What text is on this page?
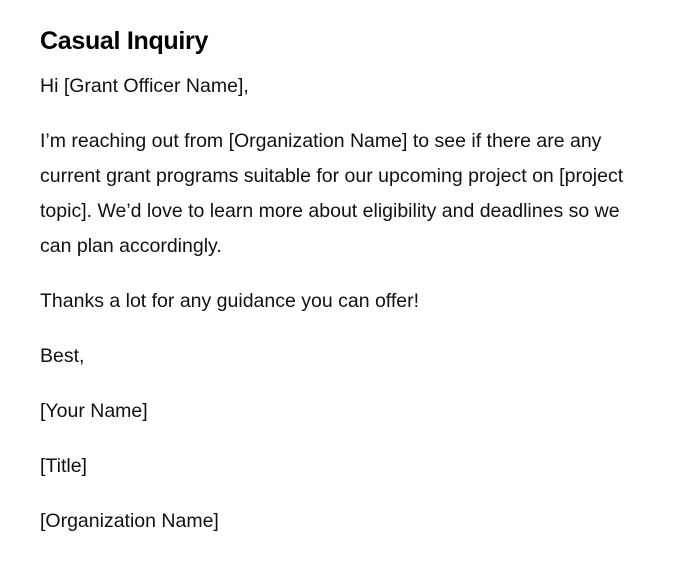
Casual Inquiry

Hi [Grant Officer Name],

I’m reaching out from [Organization Name] to see if there are any current grant programs suitable for our upcoming project on [project topic]. We’d love to learn more about eligibility and deadlines so we can plan accordingly.

Thanks a lot for any guidance you can offer!

Best,

[Your Name]

[Title]

[Organization Name]
